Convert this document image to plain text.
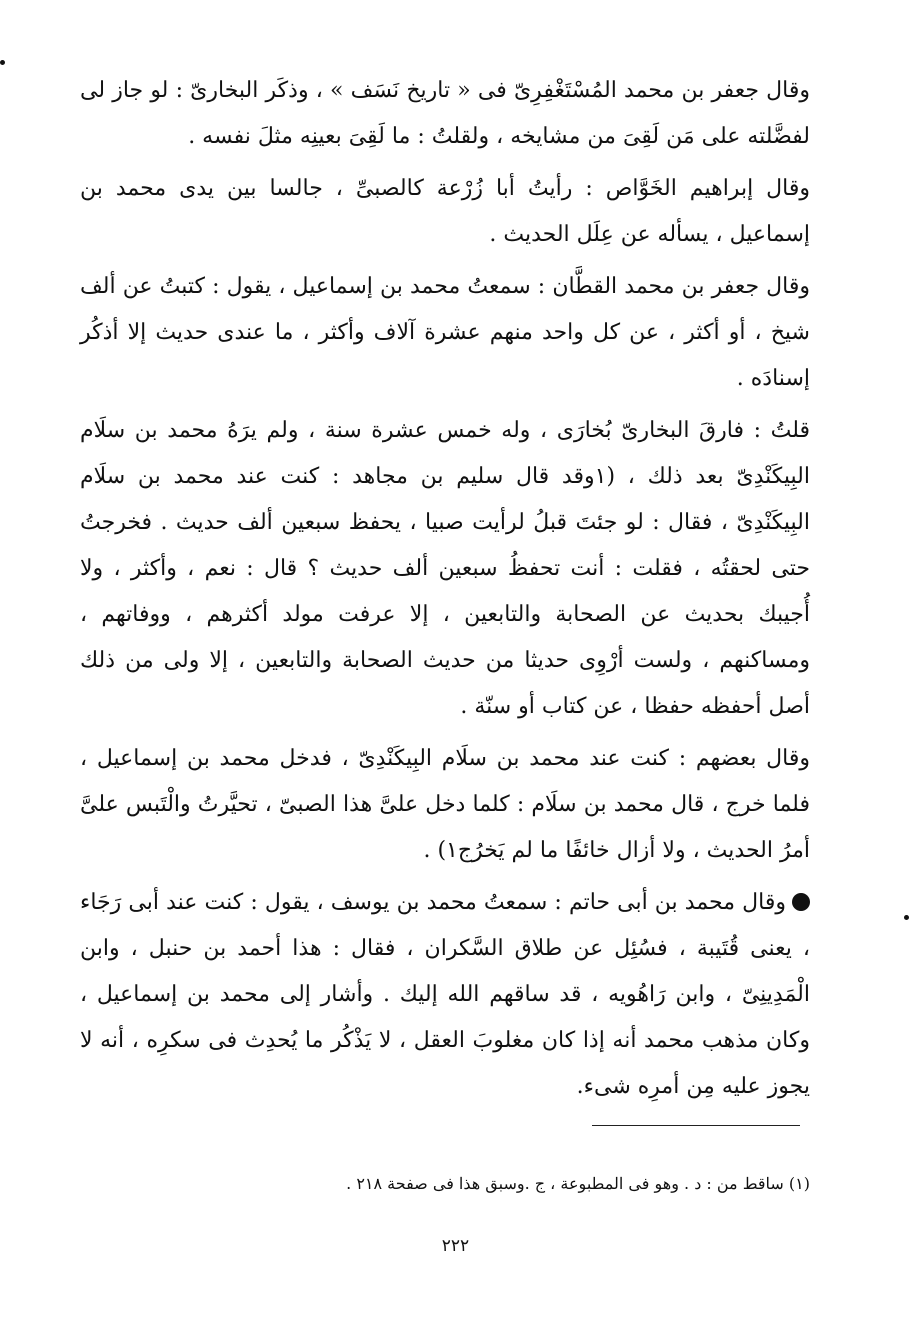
وقال جعفر بن محمد المُسْتَغْفِرِىّ فى « تاريخ نَسَف » ، وذكَر البخارىّ : لو جاز لى لفضَّلته على مَن لَقِىَ من مشايخه ، ولقلتُ : ما لَقِىَ بعينِه مثلَ نفسه .

وقال إبراهيم الخَوَّاص : رأيتُ أبا زُرْعة كالصبىِّ ، جالسا بين يدى محمد بن إسماعيل ، يسأله عن عِلَل الحديث .

وقال جعفر بن محمد القطَّان : سمعتُ محمد بن إسماعيل ، يقول : كتبتُ عن ألف شيخ ، أو أكثر ، عن كل واحد منهم عشرة آلاف وأكثر ، ما عندى حديث إلا أذكُر إسنادَه .

قلتُ : فارقَ البخارىّ بُخارَى ، وله خمس عشرة سنة ، ولم يرَهُ محمد بن سلَام البِيكَنْدِىّ بعد ذلك ، (١وقد قال سليم بن مجاهد : كنت عند محمد بن سلَام البِيكَنْدِىّ ، فقال : لو جئتَ قبلُ لرأيت صبيا ، يحفظ سبعين ألف حديث . فخرجتُ حتى لحقتُه ، فقلت : أنت تحفظُ سبعين ألف حديث ؟ قال : نعم ، وأكثر ، ولا أُجيبك بحديث عن الصحابة والتابعين ، إلا عرفت مولد أكثرهم ، ووفاتهم ، ومساكنهم ، ولست أرْوِى حديثا من حديث الصحابة والتابعين ، إلا ولى من ذلك أصل أحفظه حفظا ، عن كتاب أو سنّة .

وقال بعضهم : كنت عند محمد بن سلَام البِيكَنْدِىّ ، فدخل محمد بن إسماعيل ، فلما خرج ، قال محمد بن سلَام : كلما دخل علىَّ هذا الصبىّ ، تحيَّرتُ والْتَبس علىَّ أمرُ الحديث ، ولا أزال خائفًا ما لم يَخرُج١) .

وقال محمد بن أبى حاتم : سمعتُ محمد بن يوسف ، يقول : كنت عند أبى رَجَاء ، يعنى قُتَيبة ، فسُئِل عن طلاق السَّكران ، فقال : هذا أحمد بن حنبل ، وابن الْمَدِينِىّ ، وابن رَاهُويه ، قد ساقهم الله إليك . وأشار إلى محمد بن إسماعيل ، وكان مذهب محمد أنه إذا كان مغلوبَ العقل ، لا يَذْكُر ما يُحدِث فى سكرِه ، أنه لا يجوز عليه مِن أمرِه شىء.

(١) ساقط من : د . وهو فى المطبوعة ، ج .وسبق هذا فى صفحة ٢١٨ .
٢٢٢
